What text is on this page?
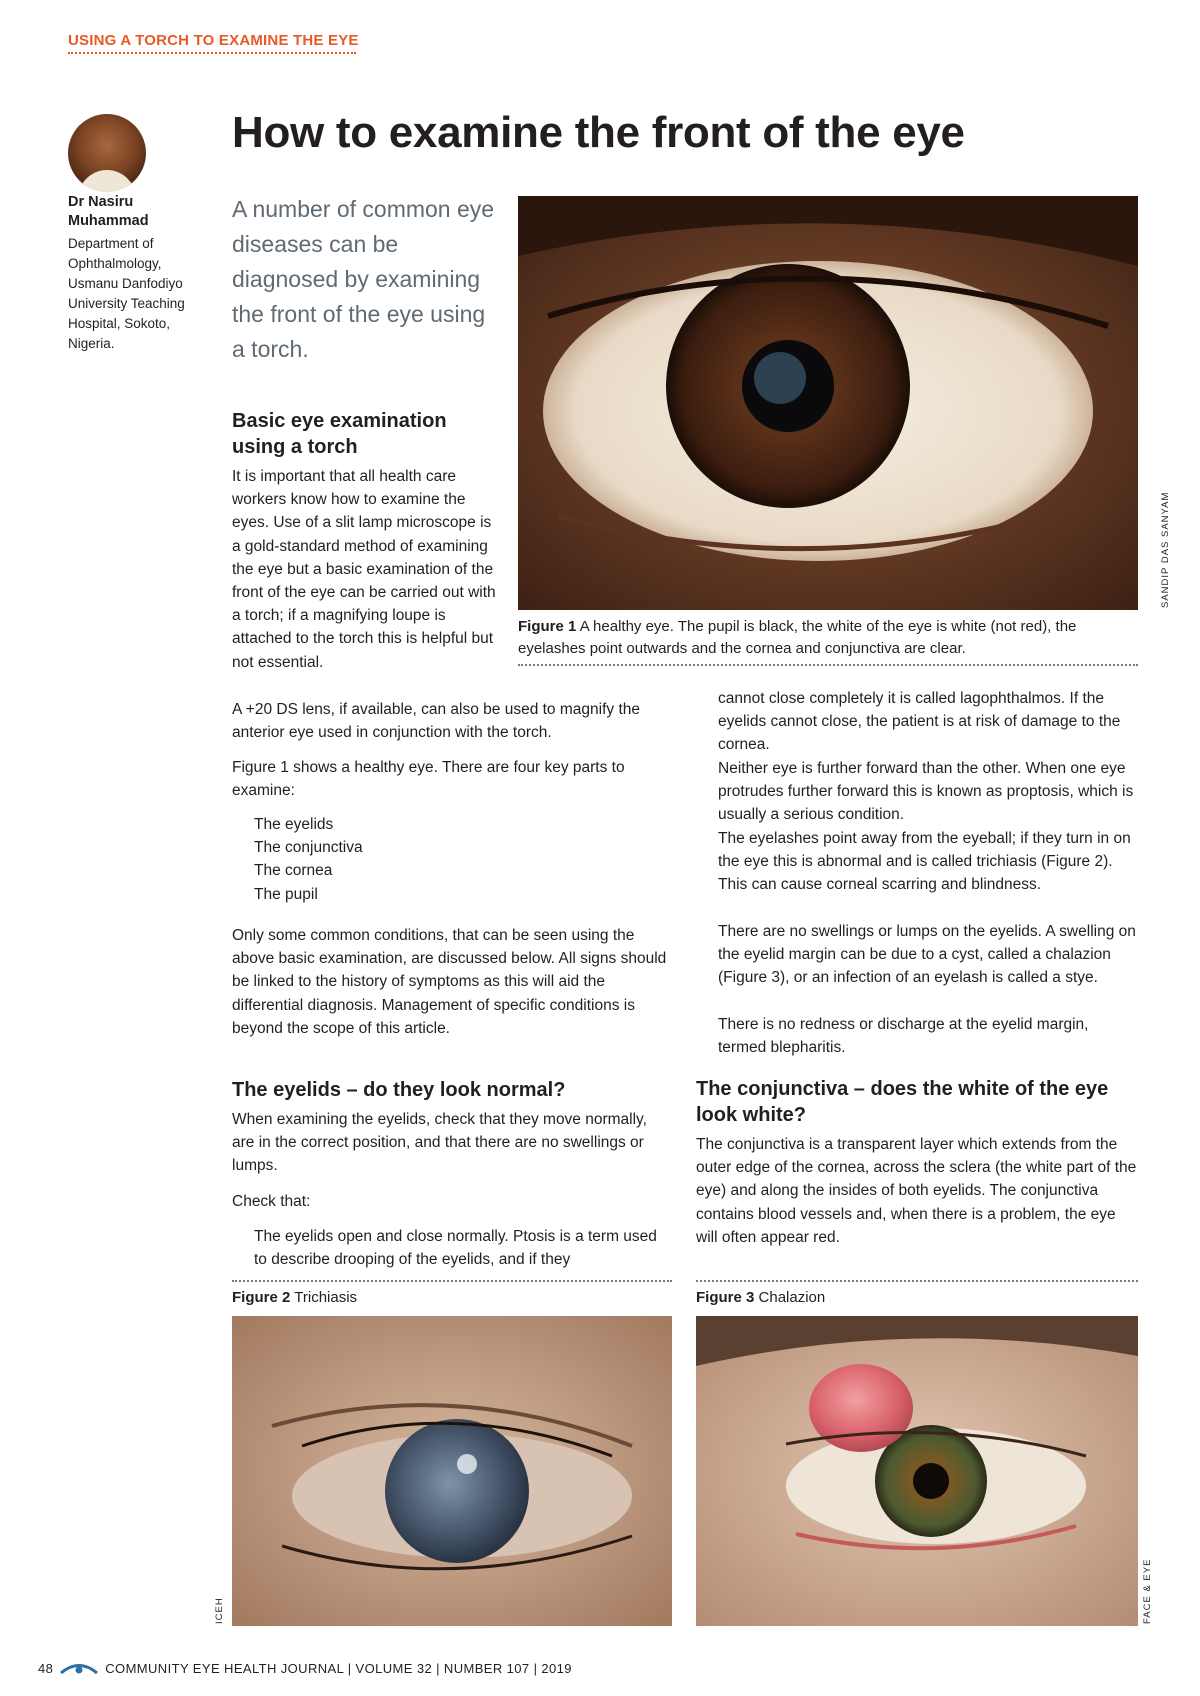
USING A TORCH TO EXAMINE THE EYE
Dr Nasiru Muhammad
Department of Ophthalmology, Usmanu Danfodiyo University Teaching Hospital, Sokoto, Nigeria.
How to examine the front of the eye

A number of common eye diseases can be diagnosed by examining the front of the eye using a torch.

SANDIP DAS SANYAM
Figure 1 A healthy eye. The pupil is black, the white of the eye is white (not red), the eyelashes point outwards and the cornea and conjunctiva are clear.
Basic eye examination using a torch

It is important that all health care workers know how to examine the eyes. Use of a slit lamp microscope is a gold-standard method of examining the eye but a basic examination of the front of the eye can be carried out with a torch; if a magnifying loupe is attached to the torch this is helpful but not essential.

A +20 DS lens, if available, can also be used to magnify the anterior eye used in conjunction with the torch.

Figure 1 shows a healthy eye. There are four key parts to examine:

The eyelids
The conjunctiva
The cornea
The pupil

Only some common conditions, that can be seen using the above basic examination, are discussed below. All signs should be linked to the history of symptoms as this will aid the differential diagnosis. Management of specific conditions is beyond the scope of this article.

The eyelids – do they look normal?

When examining the eyelids, check that they move normally, are in the correct position, and that there are no swellings or lumps.

Check that:

The eyelids open and close normally. Ptosis is a term used to describe drooping of the eyelids, and if they

cannot close completely it is called lagophthalmos. If the eyelids cannot close, the patient is at risk of damage to the cornea.

Neither eye is further forward than the other. When one eye protrudes further forward this is known as proptosis, which is usually a serious condition.

The eyelashes point away from the eyeball; if they turn in on the eye this is abnormal and is called trichiasis (Figure 2). This can cause corneal scarring and blindness.

There are no swellings or lumps on the eyelids. A swelling on the eyelid margin can be due to a cyst, called a chalazion (Figure 3), or an infection of an eyelash is called a stye.

There is no redness or discharge at the eyelid margin, termed blepharitis.

The conjunctiva – does the white of the eye look white?

The conjunctiva is a transparent layer which extends from the outer edge of the cornea, across the sclera (the white part of the eye) and along the insides of both eyelids. The conjunctiva contains blood vessels and, when there is a problem, the eye will often appear red.

Figure 2 Trichiasis
ICEH
Figure 3 Chalazion
FACE & EYE
48	COMMUNITY EYE HEALTH JOURNAL | VOLUME 32 | NUMBER 107 | 2019
